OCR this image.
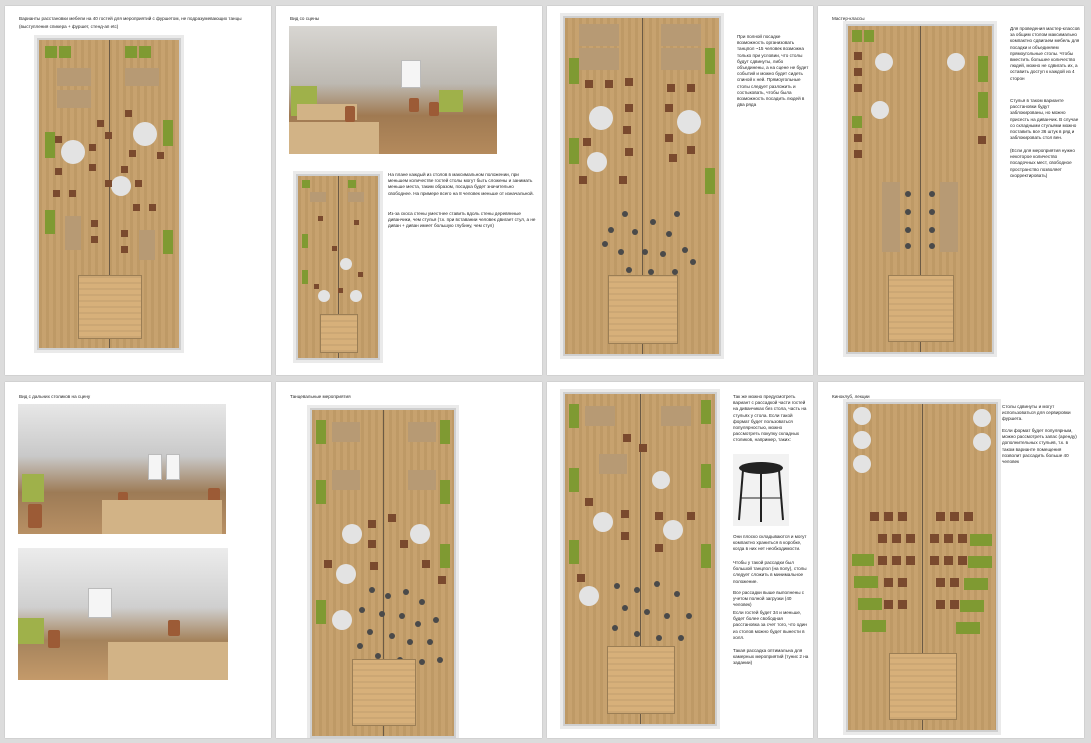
Варианты расстановки мебели на 40 гостей для мероприятий с фуршетом, не подразумевающих танцы
(выступления спикера + фуршет, стенд-ап etc)
Вид со сцены
На плане каждый из столов в максимальном положении, при меньшем количестве гостей столы могут быть сложены и занимать меньше места, таким образом, посадка будет значительно свободнее. На примере всего на 8 человек меньше от изначальной.
Из-за скоса стены уместнее ставить вдоль стены деревянные диванчики, чем стулья (т.к. при вставании человек двигает стул, а не диван + диван имеет большую глубину, чем стул)
При полной посадке возможность организовать танцпол ~15 человек возможна только при условии, что столы будут сдвинуты, либо объединены, а на сцене не будет событий и можно будет сидеть спиной к ней. Прямоугольные столы следует разложить и состыковать, чтобы была возможность посадить людей в два ряда
Мастер-классы
Для проведения мастер-классов за общим столом максимально компактно сдвигаем мебель для посадки и объединяем прямоугольные столы. Чтобы вместить большее количество людей, можно не сдвигать их, а оставить доступ к каждой из 4 сторон
Стулья в таком варианте расстановки будут заблокированы, но можно присесть на диванчик. В случае со складными стульями можно поставить все 36 штук в ряд и заблокировать стол вен.
(Если для мероприятия нужно некоторое количество посадочных мест, свободное пространство позволяет скорректировать)
Вид с дальних столиков на сцену	Танцевальные мероприятия	Так же можно предусмотреть вариант с рассадкой части гостей на диванчиках без стола, часть на стульях у стола. Если такой формат будет пользоваться популярностью, можно рассмотреть покупку складных столиков, например, таких:
Они плоско складываются и могут компактно храниться в коробке, когда в них нет необходимости.
Чтобы у такой рассадки был большой танцпол (на полу), столы следует сложить в минимальное положение.
Все рассадки выше выполнены с учетом полной загрузки (40 человек)
Если гостей будет 34 и меньше, будет более свободная расстановка за счет того, что один из столов можно будет вынести в холл.
Такая рассадка оптимальна для камерных мероприятий (тунис 2 на задании)
Кинoклуб, лекции
Столы сдвинуты и могут использоваться для сервировки фуршета.
Если формат будет популярным, можно рассмотреть запас (аренду) дополнительных стульев, т.к. в таком варианте помещения позволит рассадить больше 40 человек
